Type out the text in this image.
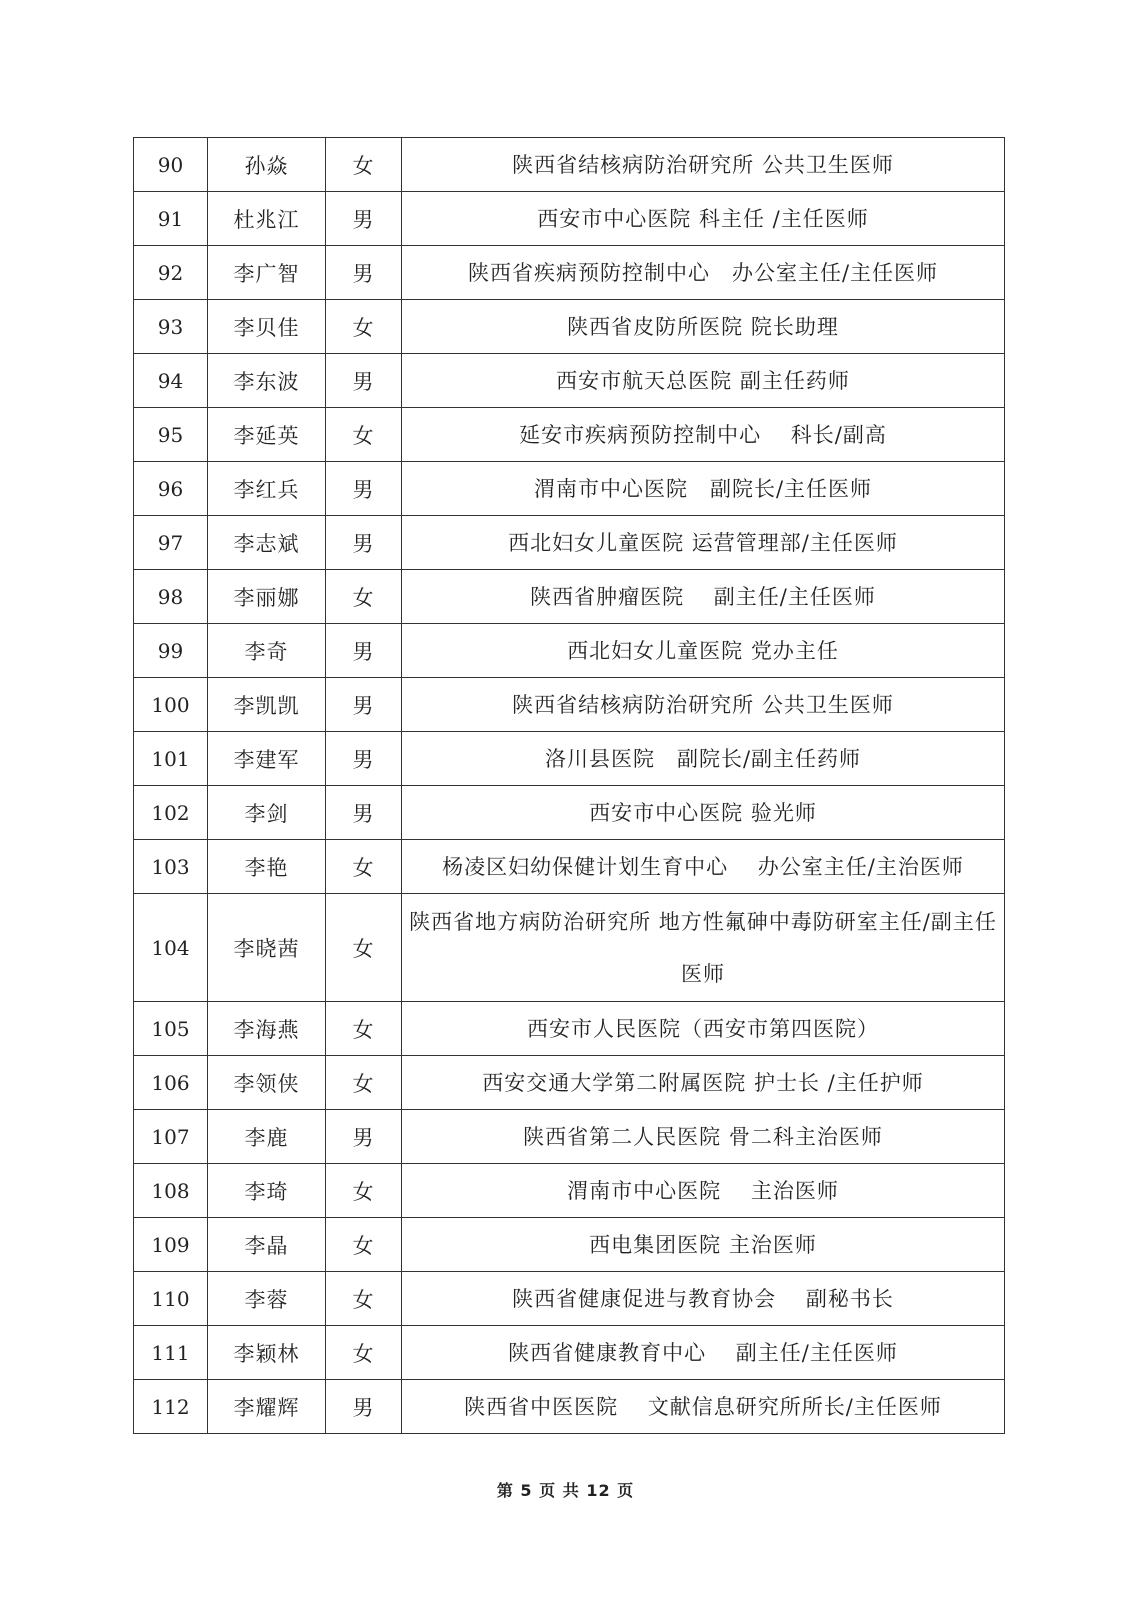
90	孙焱	女	陕西省结核病防治研究所 公共卫生医师
91	杜兆江	男	西安市中心医院 科主任 /主任医师
92	李广智	男	陕西省疾病预防控制中心　办公室主任/主任医师
93	李贝佳	女	陕西省皮防所医院 院长助理
94	李东波	男	西安市航天总医院 副主任药师
95	李延英	女	延安市疾病预防控制中心　 科长/副高
96	李红兵	男	渭南市中心医院　副院长/主任医师
97	李志斌	男	西北妇女儿童医院 运营管理部/主任医师
98	李丽娜	女	陕西省肿瘤医院　 副主任/主任医师
99	李奇	男	西北妇女儿童医院 党办主任
100	李凯凯	男	陕西省结核病防治研究所 公共卫生医师
101	李建军	男	洛川县医院　副院长/副主任药师
102	李剑	男	西安市中心医院 验光师
103	李艳	女	杨凌区妇幼保健计划生育中心　 办公室主任/主治医师
104	李晓茜	女	陕西省地方病防治研究所 地方性氟砷中毒防研室主任/副主任医师
105	李海燕	女	西安市人民医院（西安市第四医院）
106	李领侠	女	西安交通大学第二附属医院 护士长 /主任护师
107	李鹿	男	陕西省第二人民医院 骨二科主治医师
108	李琦	女	渭南市中心医院　 主治医师
109	李晶	女	西电集团医院 主治医师
110	李蓉	女	陕西省健康促进与教育协会　 副秘书长
111	李颖林	女	陕西省健康教育中心　 副主任/主任医师
112	李耀辉	男	陕西省中医医院　 文献信息研究所所长/主任医师
第 5 页 共 12 页
